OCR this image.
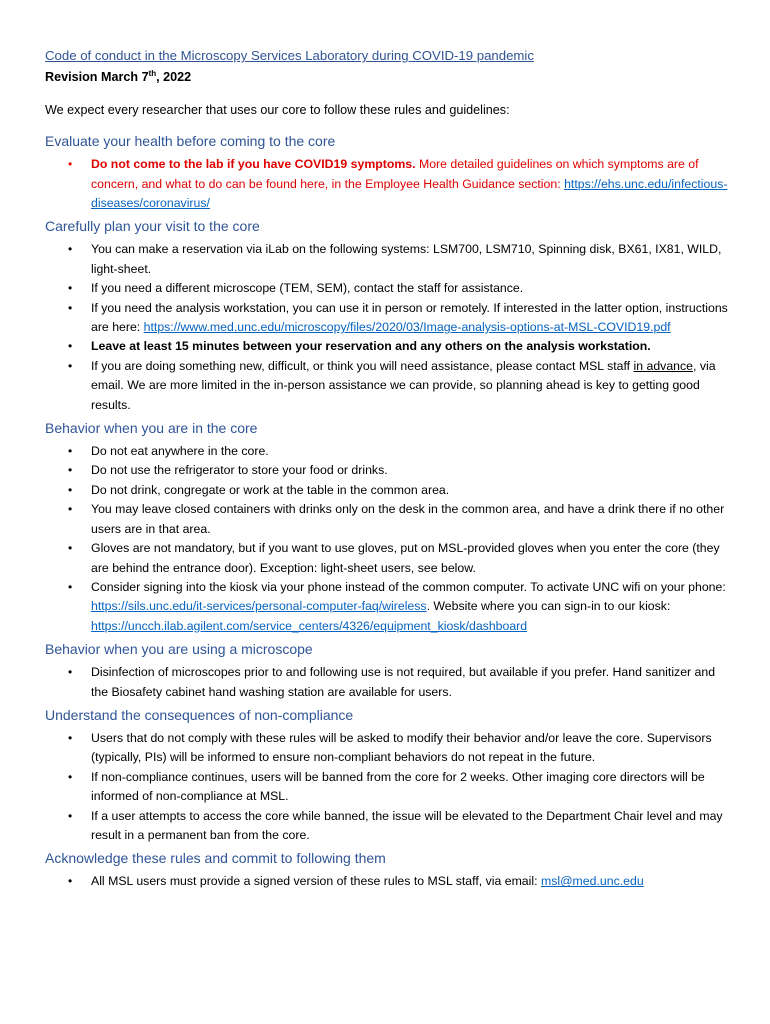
Code of conduct in the Microscopy Services Laboratory during COVID-19 pandemic

Revision March 7th, 2022

We expect every researcher that uses our core to follow these rules and guidelines:

Evaluate your health before coming to the core
• Do not come to the lab if you have COVID19 symptoms. More detailed guidelines on which symptoms are of concern, and what to do can be found here, in the Employee Health Guidance section: https://ehs.unc.edu/infectious-diseases/coronavirus/
Carefully plan your visit to the core
• You can make a reservation via iLab on the following systems: LSM700, LSM710, Spinning disk, BX61, IX81, WILD, light-sheet.
• If you need a different microscope (TEM, SEM), contact the staff for assistance.
• If you need the analysis workstation, you can use it in person or remotely. If interested in the latter option, instructions are here: https://www.med.unc.edu/microscopy/files/2020/03/Image-analysis-options-at-MSL-COVID19.pdf
• Leave at least 15 minutes between your reservation and any others on the analysis workstation.
• If you are doing something new, difficult, or think you will need assistance, please contact MSL staff in advance, via email. We are more limited in the in-person assistance we can provide, so planning ahead is key to getting good results.
Behavior when you are in the core
• Do not eat anywhere in the core.
• Do not use the refrigerator to store your food or drinks.
• Do not drink, congregate or work at the table in the common area.
• You may leave closed containers with drinks only on the desk in the common area, and have a drink there if no other users are in that area.
• Gloves are not mandatory, but if you want to use gloves, put on MSL-provided gloves when you enter the core (they are behind the entrance door). Exception: light-sheet users, see below.
• Consider signing into the kiosk via your phone instead of the common computer. To activate UNC wifi on your phone: https://sils.unc.edu/it-services/personal-computer-faq/wireless. Website where you can sign-in to our kiosk:
https://uncch.ilab.agilent.com/service_centers/4326/equipment_kiosk/dashboard
Behavior when you are using a microscope
• Disinfection of microscopes prior to and following use is not required, but available if you prefer. Hand sanitizer and the Biosafety cabinet hand washing station are available for users.
Understand the consequences of non-compliance
• Users that do not comply with these rules will be asked to modify their behavior and/or leave the core. Supervisors (typically, PIs) will be informed to ensure non-compliant behaviors do not repeat in the future.
• If non-compliance continues, users will be banned from the core for 2 weeks. Other imaging core directors will be informed of non-compliance at MSL.
• If a user attempts to access the core while banned, the issue will be elevated to the Department Chair level and may result in a permanent ban from the core.
Acknowledge these rules and commit to following them
• All MSL users must provide a signed version of these rules to MSL staff, via email: msl@med.unc.edu
